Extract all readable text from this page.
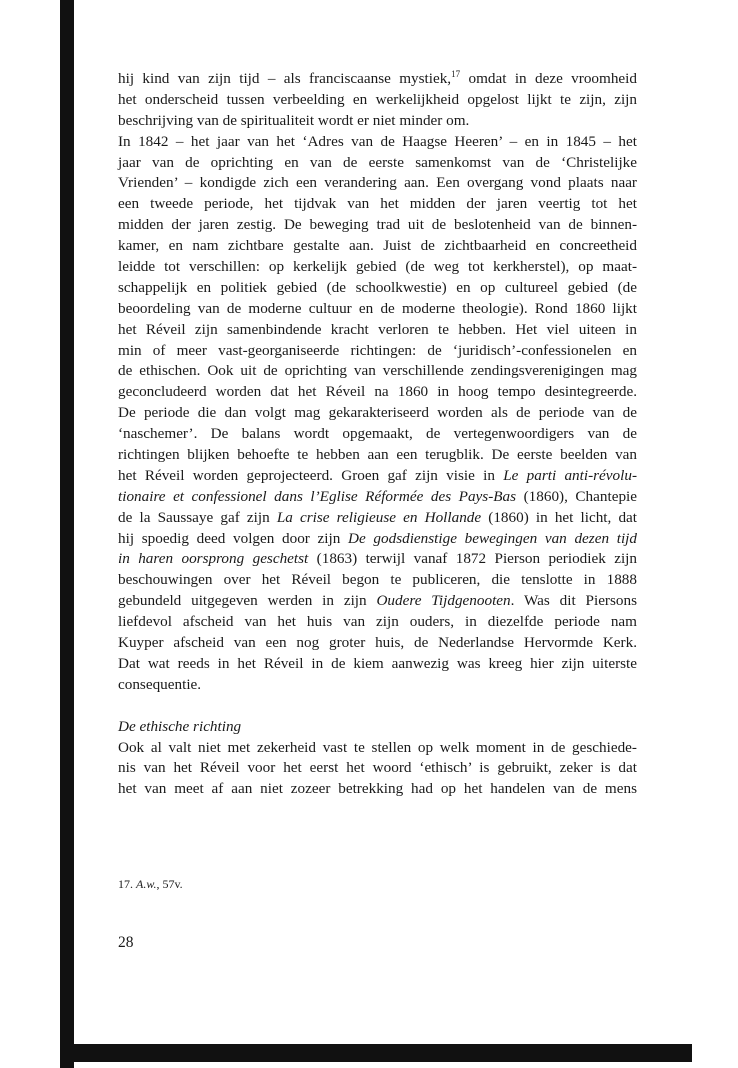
hij kind van zijn tijd – als franciscaanse mystiek,$^{17}$ omdat in deze vroomheid
het onderscheid tussen verbeelding en werkelijkheid opgelost lijkt te zijn, zijn
beschrijving van de spiritualiteit wordt er niet minder om.
In 1842 – het jaar van het ‘Adres van de Haagse Heeren’ – en in 1845 – het
jaar van de oprichting en van de eerste samenkomst van de ‘Christelijke
Vrienden’ – kondigde zich een verandering aan. Een overgang vond plaats naar
een tweede periode, het tijdvak van het midden der jaren veertig tot het
midden der jaren zestig. De beweging trad uit de beslotenheid van de binnen-
kamer, en nam zichtbare gestalte aan. Juist de zichtbaarheid en concreetheid
leidde tot verschillen: op kerkelijk gebied (de weg tot kerkherstel), op maat-
schappelijk en politiek gebied (de schoolkwestie) en op cultureel gebied (de
beoordeling van de moderne cultuur en de moderne theologie). Rond 1860 lijkt
het Réveil zijn samenbindende kracht verloren te hebben. Het viel uiteen in
min of meer vast-georganiseerde richtingen: de ‘juridisch’-confessionelen en
de ethischen. Ook uit de oprichting van verschillende zendingsverenigingen mag
geconcludeerd worden dat het Réveil na 1860 in hoog tempo desintegreerde.
De periode die dan volgt mag gekarakteriseerd worden als de periode van de
‘naschemer’. De balans wordt opgemaakt, de vertegenwoordigers van de
richtingen blijken behoefte te hebben aan een terugblik. De eerste beelden van
het Réveil worden geprojecteerd. Groen gaf zijn visie in Le parti anti-révolu-
tionaire et confessionel dans l’Eglise Réformée des Pays-Bas (1860), Chantepie
de la Saussaye gaf zijn La crise religieuse en Hollande (1860) in het licht, dat
hij spoedig deed volgen door zijn De godsdienstige bewegingen van dezen tijd
in haren oorsprong geschetst (1863) terwijl vanaf 1872 Pierson periodiek zijn
beschouwingen over het Réveil begon te publiceren, die tenslotte in 1888
gebundeld uitgegeven werden in zijn Oudere Tijdgenooten. Was dit Piersons
liefdevol afscheid van het huis van zijn ouders, in diezelfde periode nam
Kuyper afscheid van een nog groter huis, de Nederlandse Hervormde Kerk.
Dat wat reeds in het Réveil in de kiem aanwezig was kreeg hier zijn uiterste
consequentie.
De ethische richting
Ook al valt niet met zekerheid vast te stellen op welk moment in de geschiede-
nis van het Réveil voor het eerst het woord ‘ethisch’ is gebruikt, zeker is dat
het van meet af aan niet zozeer betrekking had op het handelen van de mens
17. A.w., 57v.
28
